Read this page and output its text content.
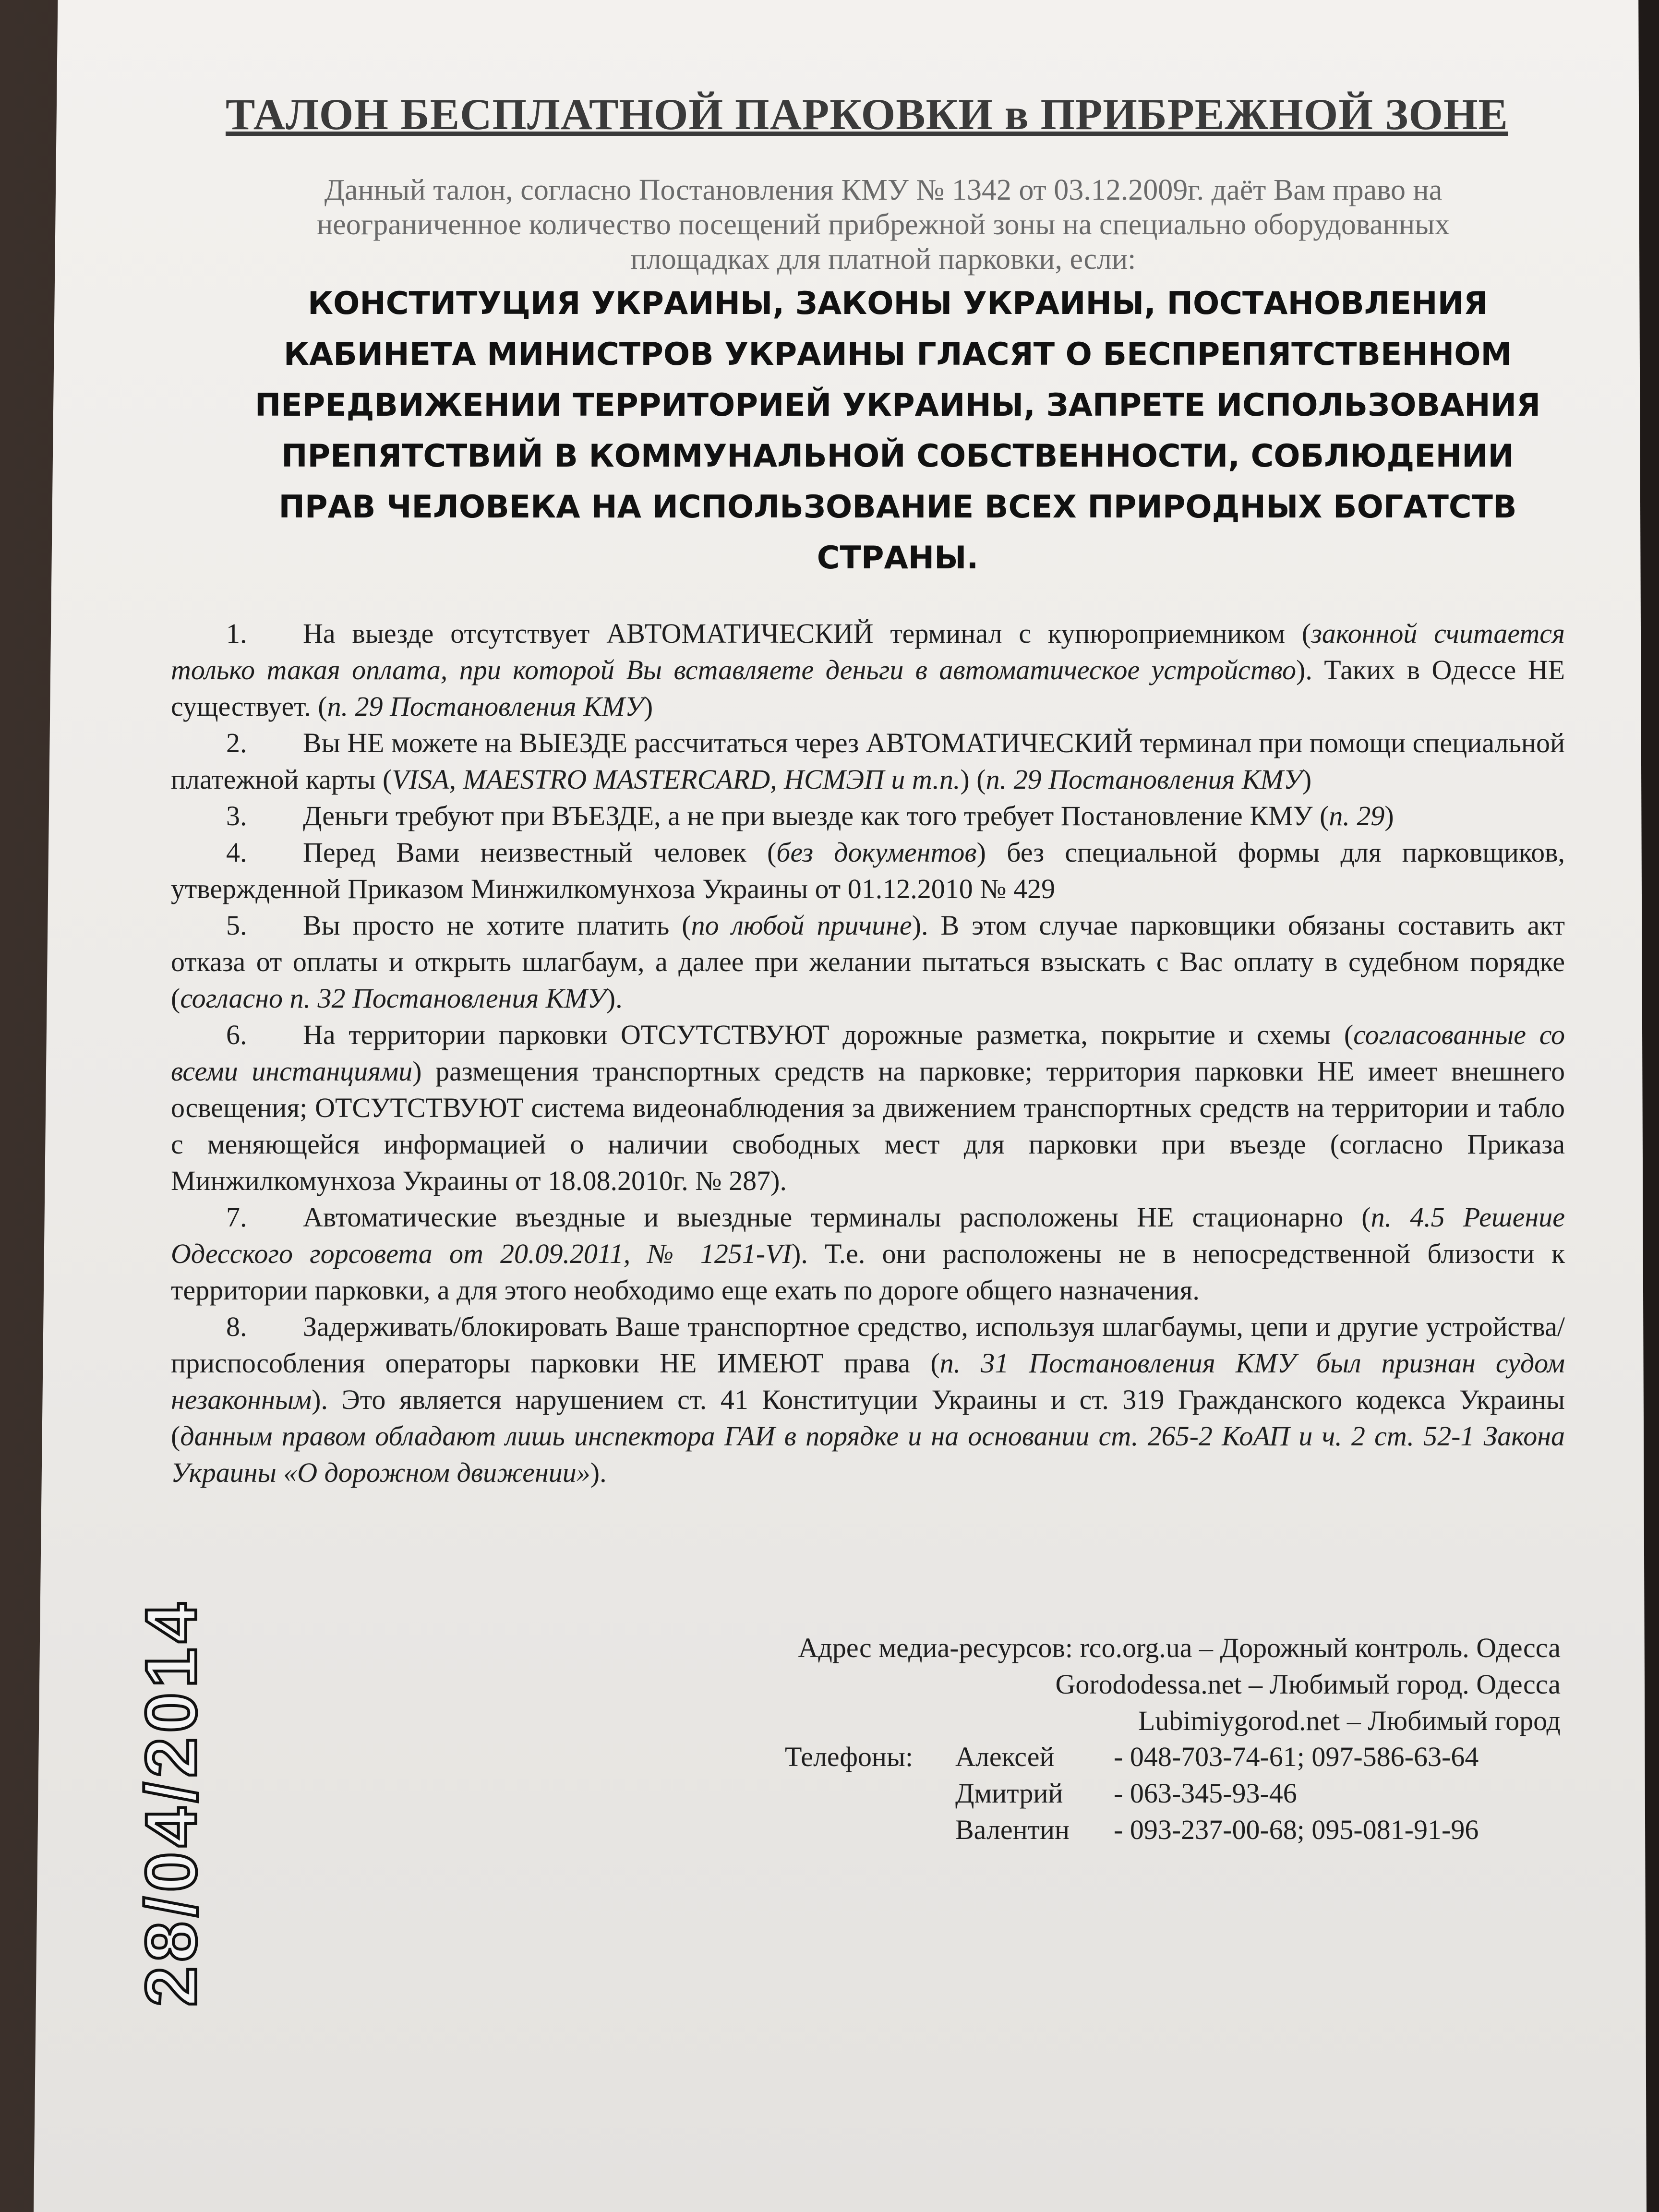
ТАЛОН БЕСПЛАТНОЙ ПАРКОВКИ в ПРИБРЕЖНОЙ ЗОНЕ
Данный талон, согласно Постановления КМУ № 1342 от 03.12.2009г. даёт Вам право на
неограниченное количество посещений прибрежной зоны на специально оборудованных
площадках для платной парковки, если:
КОНСТИТУЦИЯ УКРАИНЫ, ЗАКОНЫ УКРАИНЫ, ПОСТАНОВЛЕНИЯ
КАБИНЕТА МИНИСТРОВ УКРАИНЫ ГЛАСЯТ О БЕСПРЕПЯТСТВЕННОМ
ПЕРЕДВИЖЕНИИ ТЕРРИТОРИЕЙ УКРАИНЫ, ЗАПРЕТЕ ИСПОЛЬЗОВАНИЯ
ПРЕПЯТСТВИЙ В КОММУНАЛЬНОЙ СОБСТВЕННОСТИ, СОБЛЮДЕНИИ
ПРАВ ЧЕЛОВЕКА НА ИСПОЛЬЗОВАНИЕ ВСЕХ ПРИРОДНЫХ БОГАТСТВ
СТРАНЫ.
1. На выезде отсутствует АВТОМАТИЧЕСКИЙ терминал с купюроприемником (законной считается только такая оплата, при которой Вы вставляете деньги в автоматическое устройство). Таких в Одессе НЕ существует. (п. 29 Постановления КМУ)
2. Вы НЕ можете на ВЫЕЗДЕ рассчитаться через АВТОМАТИЧЕСКИЙ терминал при помощи специальной платежной карты (VISA, MAESTRO MASTERCARD, НСМЭП и т.п.) (п. 29 Постановления КМУ)
3. Деньги требуют при ВЪЕЗДЕ, а не при выезде как того требует Постановление КМУ (п. 29)
4. Перед Вами неизвестный человек (без документов) без специальной формы для парковщиков, утвержденной Приказом Минжилкомунхоза Украины от 01.12.2010 № 429
5. Вы просто не хотите платить (по любой причине). В этом случае парковщики обязаны составить акт отказа от оплаты и открыть шлагбаум, а далее при желании пытаться взыскать с Вас оплату в судебном порядке (согласно п. 32 Постановления КМУ).
6. На территории парковки ОТСУТСТВУЮТ дорожные разметка, покрытие и схемы (согласованные со всеми инстанциями) размещения транспортных средств на парковке; территория парковки НЕ имеет внешнего освещения; ОТСУТСТВУЮТ система видеонаблюдения за движением транспортных средств на территории и табло с меняющейся информацией о наличии свободных мест для парковки при въезде (согласно Приказа Минжилкомунхоза Украины от 18.08.2010г. № 287).
7. Автоматические въездные и выездные терминалы расположены НЕ стационарно (п. 4.5 Решение Одесского горсовета от 20.09.2011, № 1251-VI). Т.е. они расположены не в непосредственной близости к территории парковки, а для этого необходимо еще ехать по дороге общего назначения.
8. Задерживать/блокировать Ваше транспортное средство, используя шлагбаумы, цепи и другие устройства/приспособления операторы парковки НЕ ИМЕЮТ права (п. 31 Постановления КМУ был признан судом незаконным). Это является нарушением ст. 41 Конституции Украины и ст. 319 Гражданского кодекса Украины (данным правом обладают лишь инспектора ГАИ в порядке и на основании ст. 265-2 КоАП и ч. 2 ст. 52-1 Закона Украины «О дорожном движении»).
Адрес медиа-ресурсов: rco.org.ua – Дорожный контроль. Одесса
Gorododessa.net – Любимый город. Одесса
Lubimiygorod.net – Любимый город
Телефоны: Алексей - 048-703-74-61; 097-586-63-64
Дмитрий - 063-345-93-46
Валентин - 093-237-00-68; 095-081-91-96
28/04/2014
